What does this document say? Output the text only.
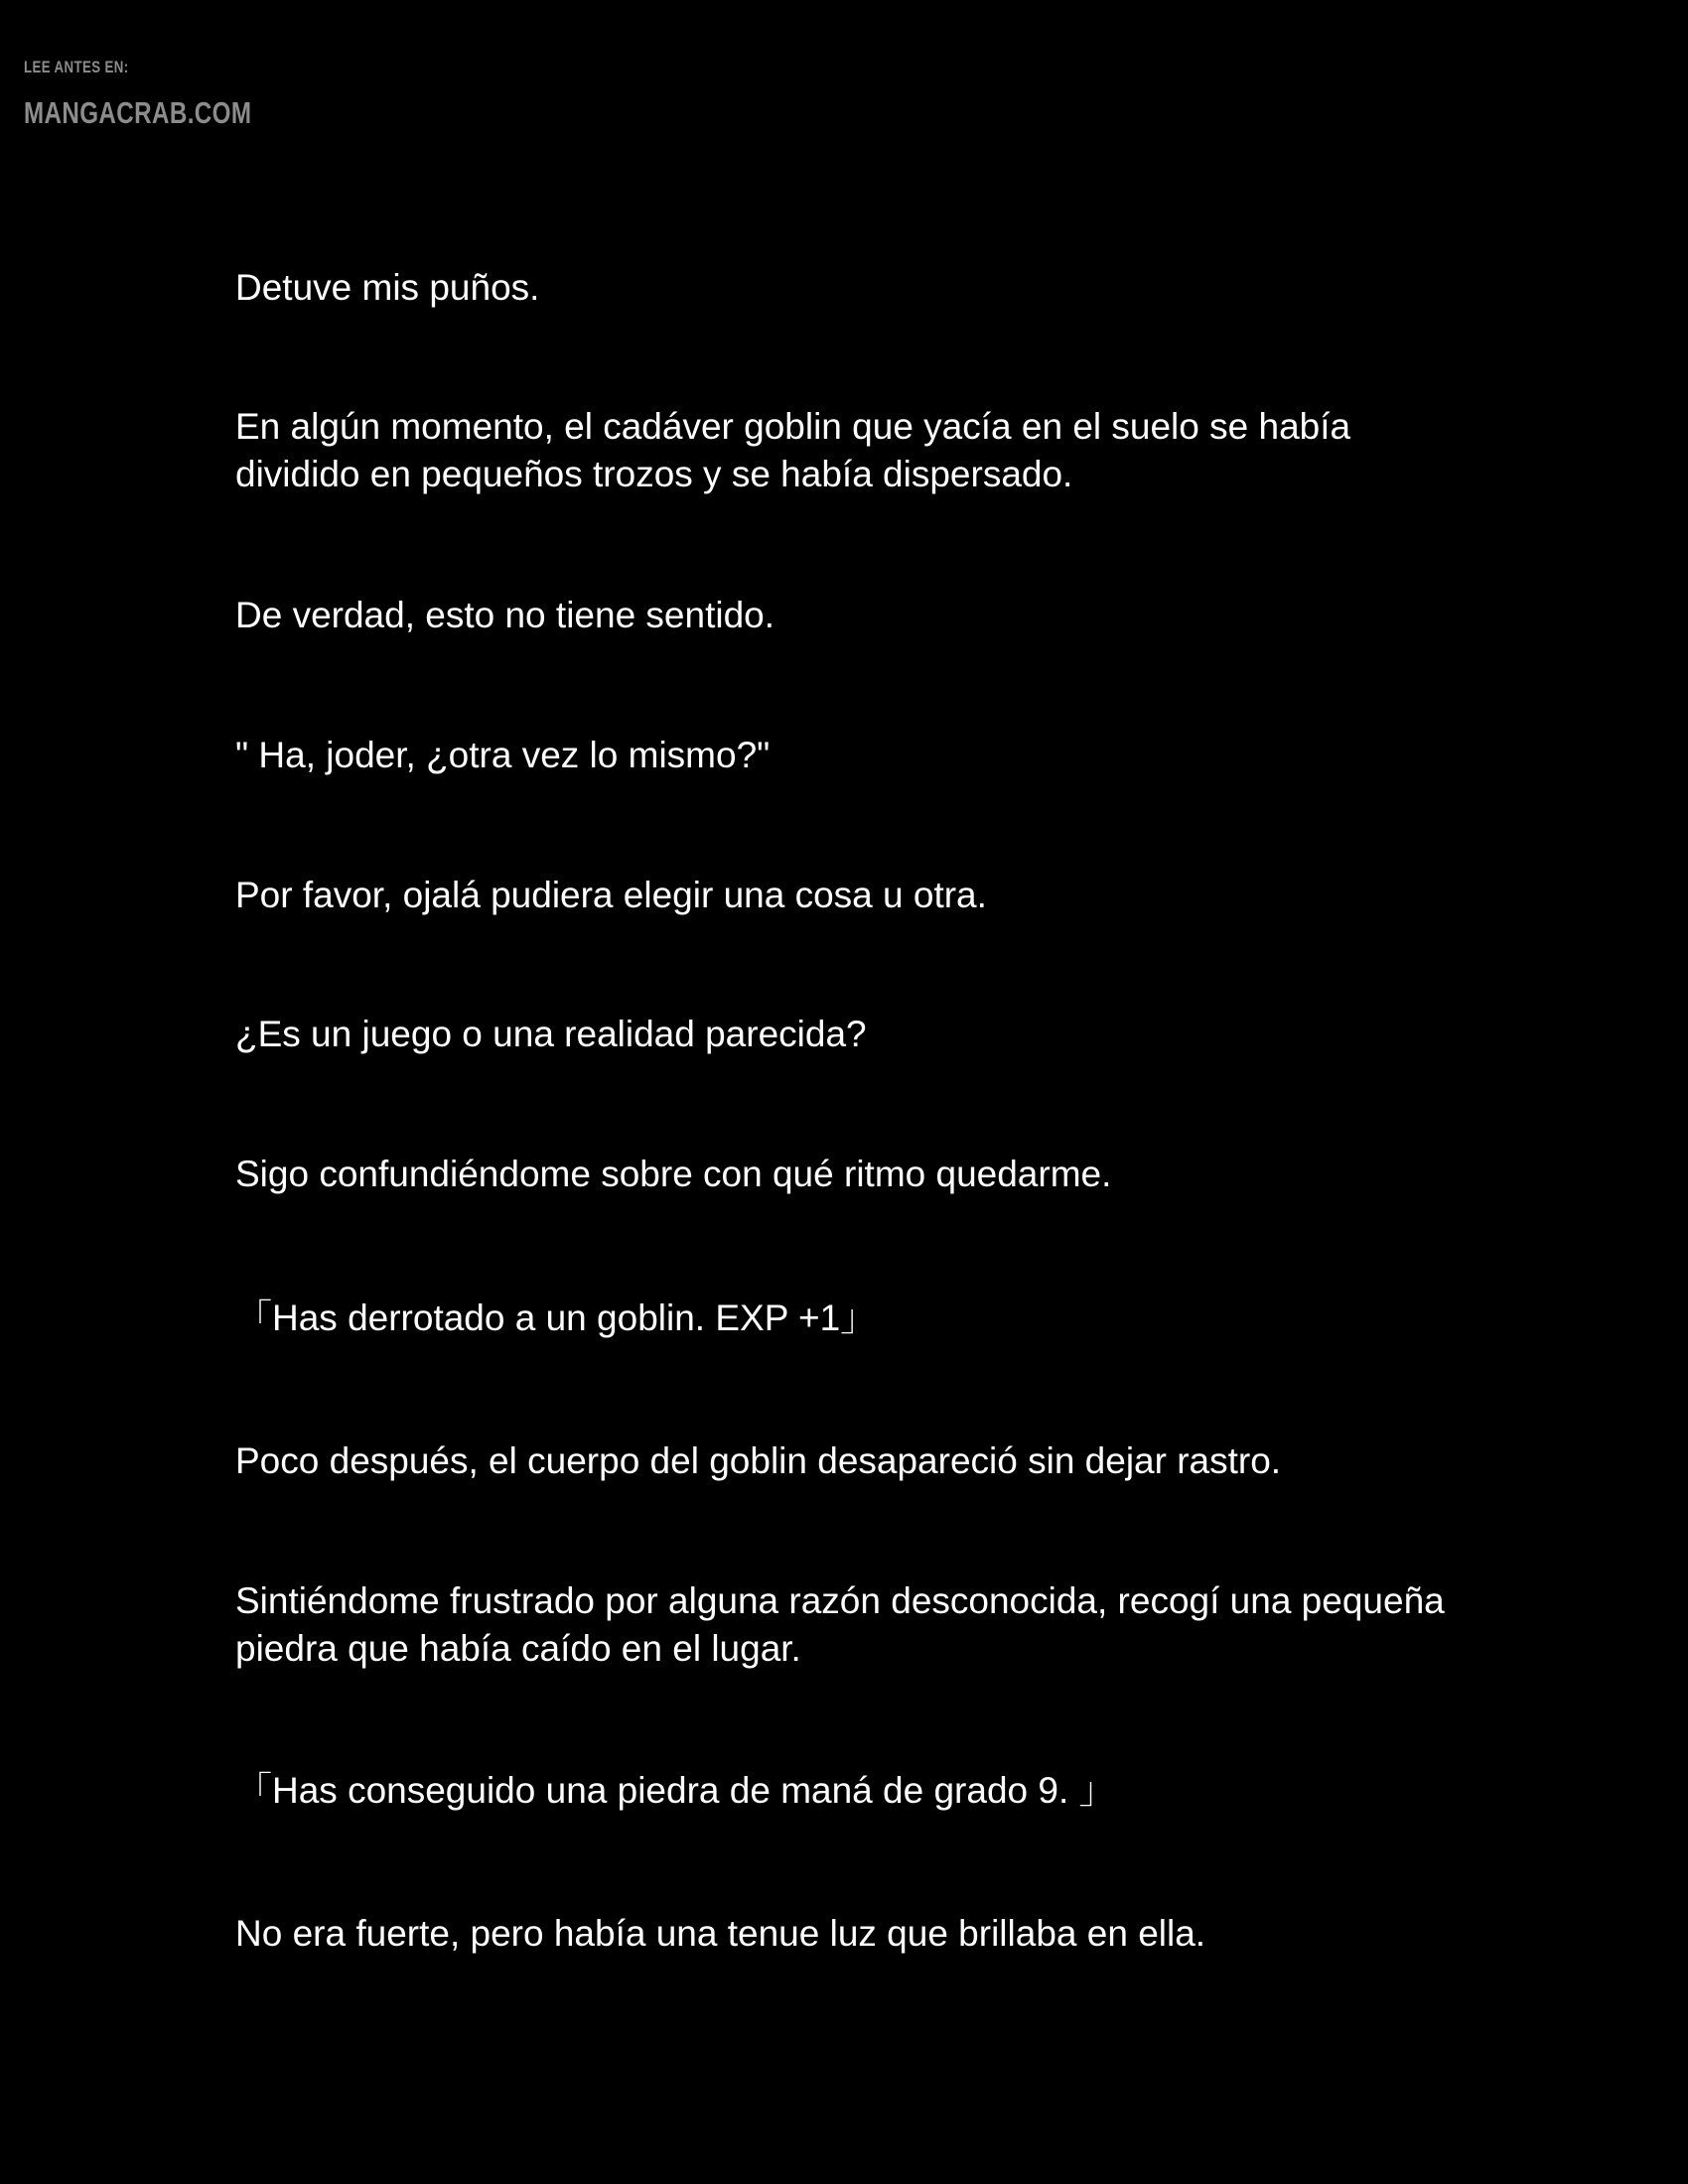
LEE ANTES EN:
MANGACRAB.COM

Detuve mis puños.

En algún momento, el cadáver goblin que yacía en el suelo se había dividido en pequeños trozos y se había dispersado.

De verdad, esto no tiene sentido.

" Ha, joder, ¿otra vez lo mismo?"

Por favor, ojalá pudiera elegir una cosa u otra.

¿Es un juego o una realidad parecida?

Sigo confundiéndome sobre con qué ritmo quedarme.

「Has derrotado a un goblin. EXP +1」

Poco después, el cuerpo del goblin desapareció sin dejar rastro.

Sintiéndome frustrado por alguna razón desconocida, recogí una pequeña piedra que había caído en el lugar.

「Has conseguido una piedra de maná de grado 9. 」

No era fuerte, pero había una tenue luz que brillaba en ella.
